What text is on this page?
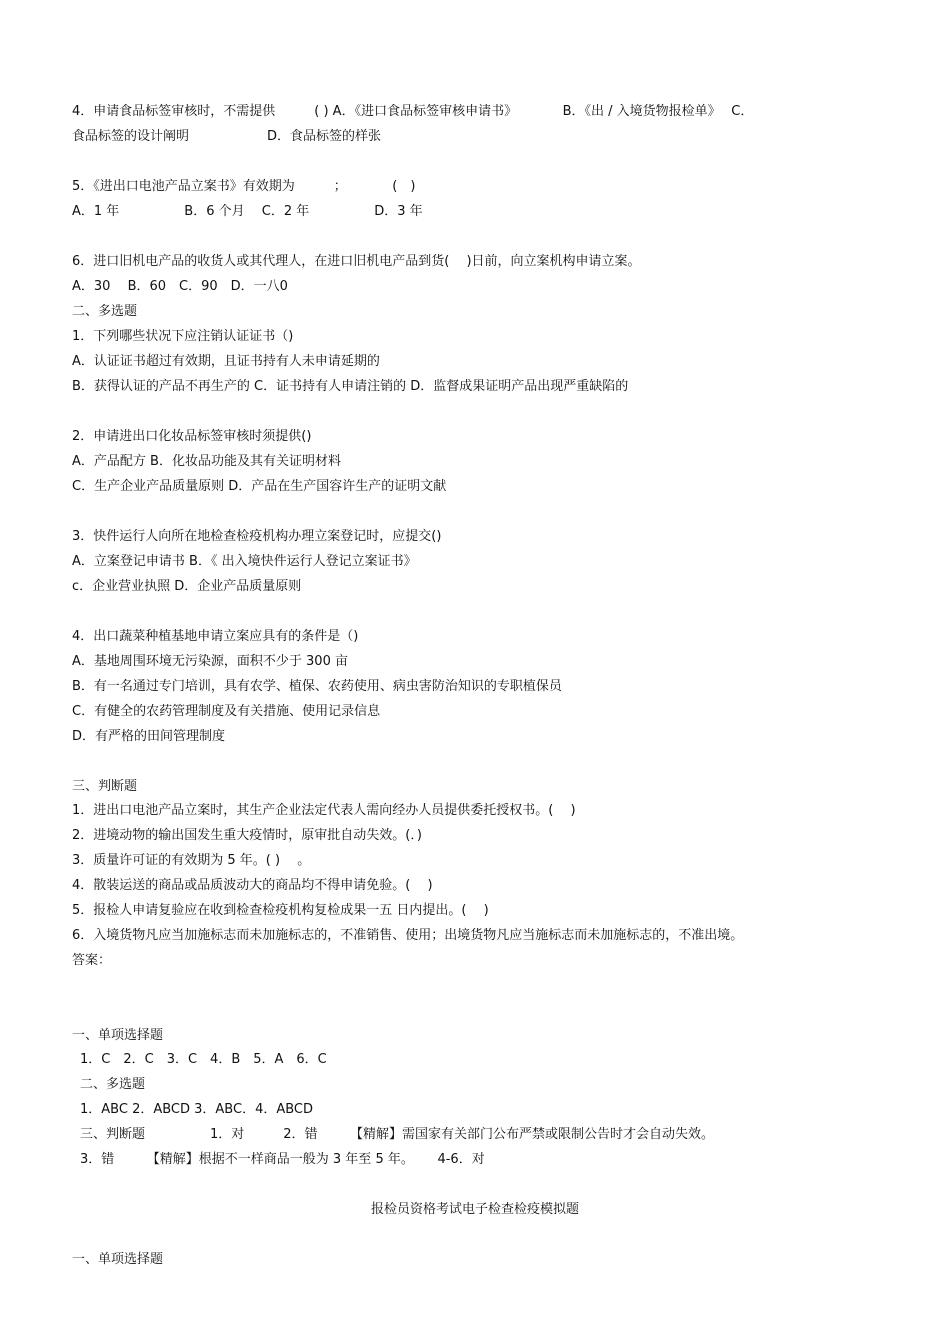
4．申请食品标签审核时，不需提供　　　( ) A．《进口食品标签审核申请书》　　　　B．《出 / 入境货物报检单》　 C．
食品标签的设计阐明　　　　　　D．食品标签的样张
5．《进出口电池产品立案书》有效期为　　　；　　　　(　)
A．1 年　　　　　B．6 个月　 C．2 年　　　　　D．3 年
6．进口旧机电产品的收货人或其代理人，在进口旧机电产品到货(　 )日前，向立案机构申请立案。
A．30　 B．60　C．90　D．一八0
二、多选题
1．下列哪些状况下应注销认证证书（)
A．认证证书超过有效期，且证书持有人未申请延期的
B．获得认证的产品不再生产的 C．证书持有人申请注销的 D．监督成果证明产品出现严重缺陷的
2．申请进出口化妆品标签审核时须提供()
A．产品配方 B．化妆品功能及其有关证明材料
C．生产企业产品质量原则 D．产品在生产国容许生产的证明文献
3．快件运行人向所在地检查检疫机构办理立案登记时，应提交()
A．立案登记申请书 B．《 出入境快件运行人登记立案证书》
c．企业营业执照 D．企业产品质量原则
4．出口蔬菜种植基地申请立案应具有的条件是（)
A．基地周围环境无污染源，面积不少于 300 亩
B．有一名通过专门培训，具有农学、植保、农药使用、病虫害防治知识的专职植保员
C．有健全的农药管理制度及有关措施、使用记录信息
D．有严格的田间管理制度
三、判断题
1．进出口电池产品立案时，其生产企业法定代表人需向经办人员提供委托授权书。(　 )
2．进境动物的输出国发生重大疫情时，原审批自动失效。(．)
3．质量许可证的有效期为 5 年。( )　 。
4．散装运送的商品或品质波动大的商品均不得申请免验。(　 )
5．报检人申请复验应在收到检查检疫机构复检成果一五 日内提出。(　 )
6．入境货物凡应当加施标志而未加施标志的，不准销售、使用；出境货物凡应当施标志而未加施标志的，不准出境。
答案：
一、单项选择题
1．C　2．C　3．C　4．B　5．A　6．C
二、多选题
1．ABC 2．ABCD 3．ABC．4．ABCD
三、判断题　　　　　1．对　　　2．错　　　【精解】需国家有关部门公布严禁或限制公告时才会自动失效。
3．错　　　【精解】根据不一样商品一般为 3 年至 5 年。　　 4-6．对
报检员资格考试电子检查检疫模拟题
一、单项选择题
